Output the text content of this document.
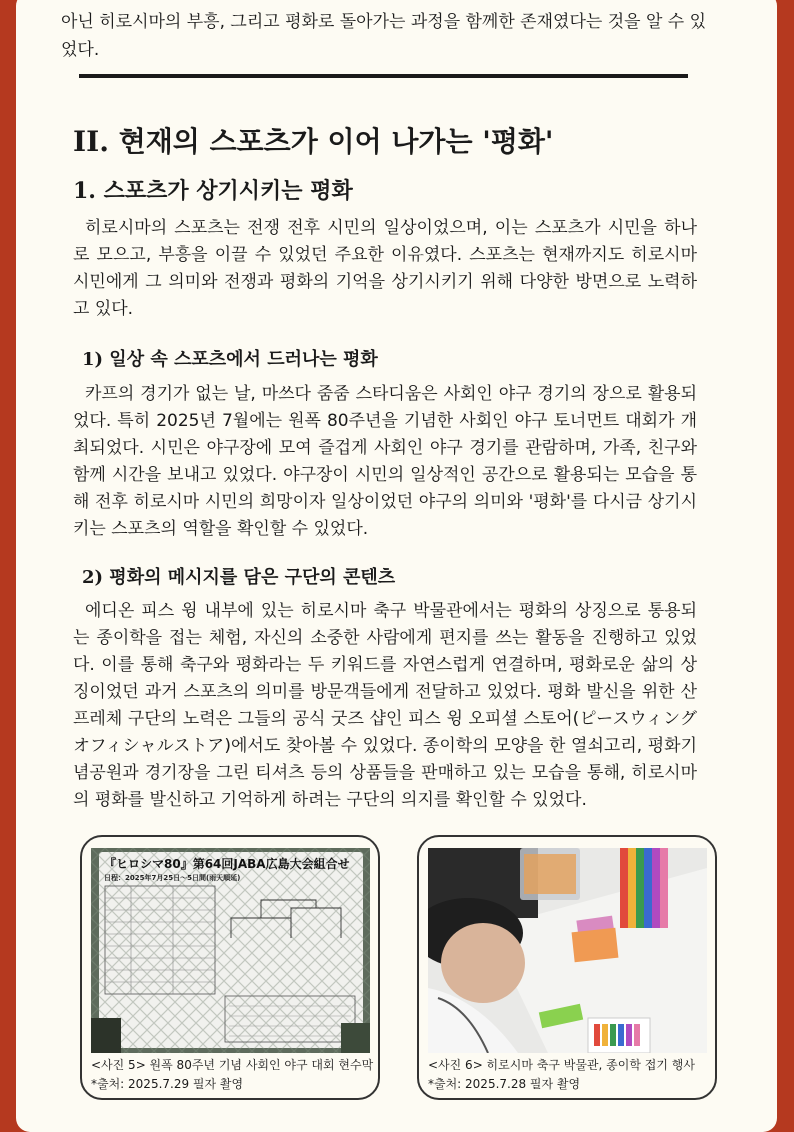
아닌 히로시마의 부흥, 그리고 평화로 돌아가는 과정을 함께한 존재였다는 것을 알 수 있었다.
II. 현재의 스포츠가 이어 나가는 '평화'
1. 스포츠가 상기시키는 평화
히로시마의 스포츠는 전쟁 전후 시민의 일상이었으며, 이는 스포츠가 시민을 하나로 모으고, 부흥을 이끌 수 있었던 주요한 이유였다. 스포츠는 현재까지도 히로시마 시민에게 그 의미와 전쟁과 평화의 기억을 상기시키기 위해 다양한 방면으로 노력하고 있다.
1) 일상 속 스포츠에서 드러나는 평화
카프의 경기가 없는 날, 마쓰다 줌줌 스타디움은 사회인 야구 경기의 장으로 활용되었다. 특히 2025년 7월에는 원폭 80주년을 기념한 사회인 야구 토너먼트 대회가 개최되었다. 시민은 야구장에 모여 즐겁게 사회인 야구 경기를 관람하며, 가족, 친구와 함께 시간을 보내고 있었다. 야구장이 시민의 일상적인 공간으로 활용되는 모습을 통해 전후 히로시마 시민의 희망이자 일상이었던 야구의 의미와 '평화'를 다시금 상기시키는 스포츠의 역할을 확인할 수 있었다.
2) 평화의 메시지를 담은 구단의 콘텐츠
에디온 피스 윙 내부에 있는 히로시마 축구 박물관에서는 평화의 상징으로 통용되는 종이학을 접는 체험, 자신의 소중한 사람에게 편지를 쓰는 활동을 진행하고 있었다. 이를 통해 축구와 평화라는 두 키워드를 자연스럽게 연결하며, 평화로운 삶의 상징이었던 과거 스포츠의 의미를 방문객들에게 전달하고 있었다. 평화 발신을 위한 산 프레체 구단의 노력은 그들의 공식 굿즈 샵인 피스 윙 오피셜 스토어(ピースウィングオフィシャルストア)에서도 찾아볼 수 있었다. 종이학의 모양을 한 열쇠고리, 평화기념공원과 경기장을 그린 티셔츠 등의 상품들을 판매하고 있는 모습을 통해, 히로시마의 평화를 발신하고 기억하게 하려는 구단의 의지를 확인할 수 있었다.
『ヒロシマ80』第64回JABA広島大会組合せ
日程：2025年7月25日～5日間(雨天順延)
<사진 5> 원폭 80주년 기념 사회인 야구 대회 현수막
*출처: 2025.7.29 필자 촬영
<사진 6> 히로시마 축구 박물관, 종이학 접기 행사
*출처: 2025.7.28 필자 촬영
